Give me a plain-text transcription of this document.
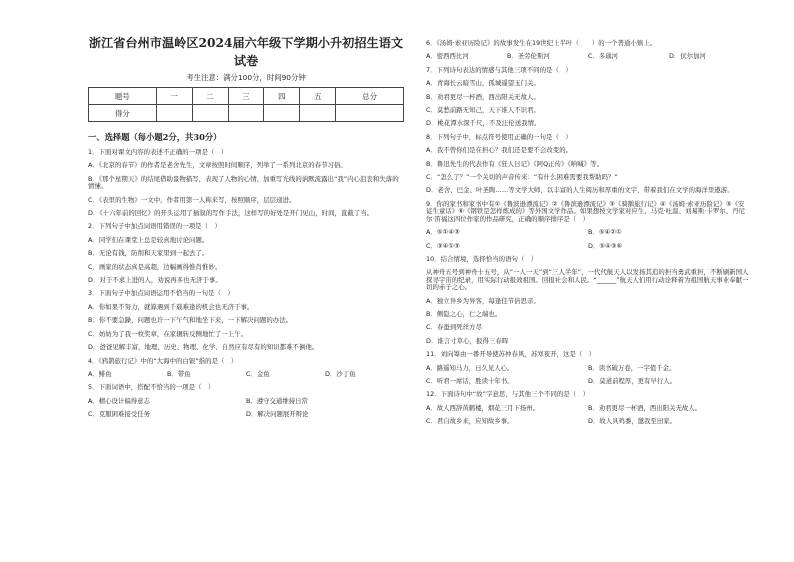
浙江省台州市温岭区2024届六年级下学期小升初招生语文试卷
考生注意：满分100分，时间90分钟
题号	一	二	三	四	五	总分
得分						
一、选择题（每小题2分，共30分）
1．下面对课文内容的表述不正确的一项是（　）
A．《北京的春节》的作者是老舍先生，文章按照时间顺序，列举了一系列北京的春节习俗。
B．《那个星期天》的结尾借助景物描写，表现了人物的心情，加重写光线的讷默流露出“我”内心沮丧和失落的情愫。
C．《表里的生物》一文中，作者用第一人称来写，按照顺序，层层递进。
D．《十六年前的回忆》的开头运用了插叙的写作手法，这样写的好处是开门见山，时间，直截了当。
2．下列句子中加点词语用错误的一项是（　）
A．同学们在课堂上总是较真地讨论问题。
B．无论有钱，防削和天家里到一起去了。
C．画家的状态真是高超，边幅画得惟肖惟妙。
D．对于不求上进的人，劝说再多也无济于事。
3．下面句子中加点词语运用不恰当的一句是（　）
A．你如果不努力，就算遇到千载难逢的机会也无济于事。
B．你不要急躁，问题也许一下午气和地坐下来，一下解决问题的办法。
C．妨妨为了我一枚奖章，在家辗转反侧地忙了一上午。
D．爸爸见解丰富，地理、历史、物理、化学、自然应有尽有的知识都难不倒他。
4．《鸦鹊旅行记》中的“大海中的白银”指的是（　）
A．鲱鱼	B．带鱼	C．金鱼	D．沙丁鱼
5．下面词语中，搭配不恰当的一项是（　）
A．精心设计偏得意志	B．遵守交通维持日常
C．克服困难接受任务	D．解决问题展开辩论
6．《汤姆·索亚历险记》的故事发生在19世纪上半叶（　　）的一个普通小镇上。
A．密西西比河	B．圣劳伦斯河	C．多瑙河	D．伏尔加河
7．下列诗句表达的情感与其他三项不同的是（　）
A．青海长云暗雪山，孤城遥望玉门关。
B．劝君更尽一杯酒，西出阳关无故人。
C．莫愁前路无知己，天下谁人不识君。
D．桃花潭水深千尺，不及汪伦送我情。
8．下列句子中，标点符号使用正确的一句是（　）
A．我不曾你们是在担心？我们还是要不会改变的。
B．鲁迅先生的代表作有《狂人日记》《阿Q正传》《呐喊》等。
C．“怎么了？”一个关切的声音传来：“有什么困难需要我帮助吗？”
D．老舍、巴金、叶圣陶……等文学大师，以丰富的人生阅历和厚重的文字，带着我们在文学的海洋里遨游。
9．你的家书和家书中有①《鲁滨逊漂流记》②《鲁滨逊漂流记》③《骑鹅旅行记》④《汤姆·索亚历险记》⑤《安徒生童话》⑥《钢铁是怎样炼成的》等外国文学作品。如果想按文学家对应生、马克·吐温、刘易斯·卡罗尔、丹尼尔·笛福这四位作家的作品研究，正确的顺序排序是（　）
A．⑤①④③	B．⑤④②①
C．③④①③	D．⑤④③⑥
10．结合情境，选择恰当的语句（　）
从神舟五号到神舟十五号，从“一人一天”到“三人半年”，一代代航天人以发扬其追的担当勇武重担，不断刷新国人探寻宇宙的纪录，用实际行动报效祖国。回报社会和人民。“______”航天人们用行动诠释着为祖国航天事业奉献一切的赤子之心。
A．独立异乡为异客，每逢佳节倍思亲。
B．侧隐之心，仁之端也。
C．春蚕到死丝方尽
D．谁言寸草心，报得三春晖
11．刘向筹由一番开导使苏仲春风，苏寒夜开，这是（　）
A．路遥知马力，日久见人心。	B．读书破万卷，一字值千金。
C．听君一席话，胜读十年书。	D．莫道前程厚，更有早行人。
12．下面诗句中“故”字意思，与其他三个不同的是（　）
A．故人西辞黄鹤楼，烟花三月下扬州。	B．劝君更尽一杯酒，西出阳关无故人。
C．君自故乡来，应知故乡事。	D．故人具鸡黍，邀我至田家。
